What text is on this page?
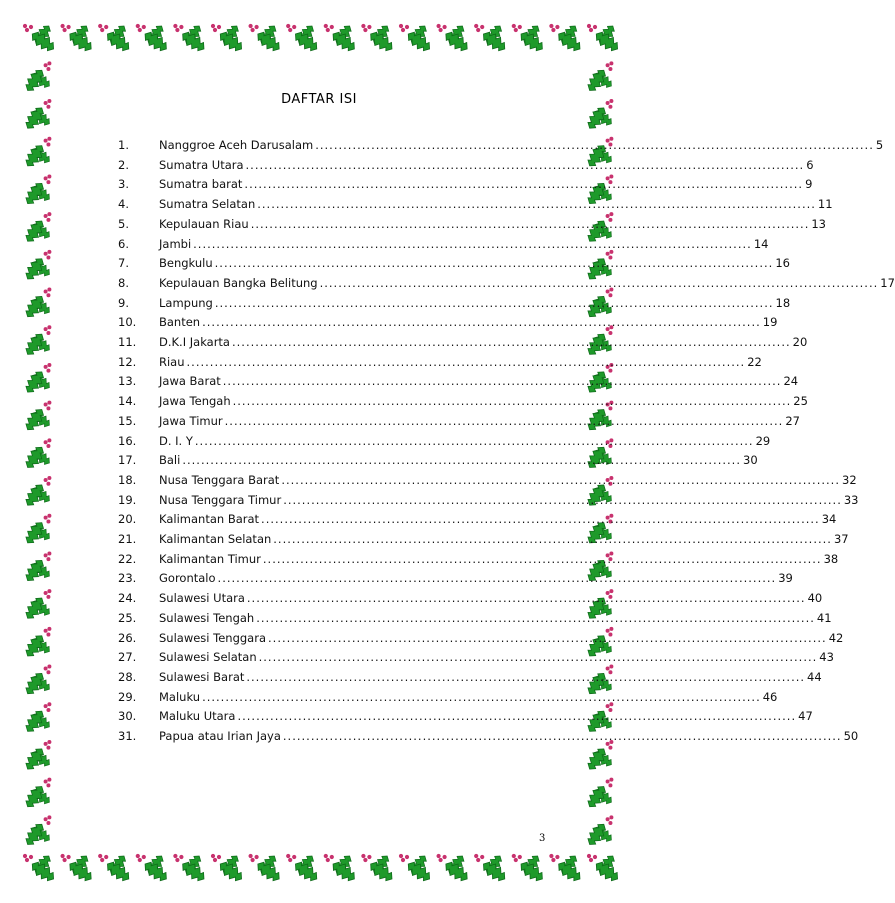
DAFTAR ISI
1.	Nanggroe Aceh Darusalam ........................................................................................................................ 5
2.	Sumatra Utara ........................................................................................................................ 6
3.	Sumatra barat ........................................................................................................................ 9
4.	Sumatra Selatan ........................................................................................................................ 11
5.	Kepulauan Riau ........................................................................................................................ 13
6.	Jambi ........................................................................................................................ 14
7.	Bengkulu ........................................................................................................................ 16
8.	Kepulauan Bangka Belitung ........................................................................................................................ 17
9.	Lampung ........................................................................................................................ 18
10. Banten ........................................................................................................................ 19
11. D.K.I Jakarta ........................................................................................................................ 20
12. Riau ........................................................................................................................ 22
13. Jawa Barat ........................................................................................................................ 24
14. Jawa Tengah ........................................................................................................................ 25
15. Jawa Timur ........................................................................................................................ 27
16. D. I. Y ........................................................................................................................ 29
17. Bali ........................................................................................................................ 30
18. Nusa Tenggara Barat ........................................................................................................................ 32
19. Nusa Tenggara Timur ........................................................................................................................ 33
20. Kalimantan Barat ........................................................................................................................ 34
21. Kalimantan Selatan ........................................................................................................................ 37
22. Kalimantan Timur ........................................................................................................................ 38
23. Gorontalo ........................................................................................................................ 39
24. Sulawesi Utara ........................................................................................................................ 40
25. Sulawesi Tengah ........................................................................................................................ 41
26. Sulawesi Tenggara ........................................................................................................................ 42
27. Sulawesi Selatan ........................................................................................................................ 43
28. Sulawesi Barat ........................................................................................................................ 44
29. Maluku ........................................................................................................................ 46
30. Maluku Utara ........................................................................................................................ 47
31. Papua atau Irian Jaya ........................................................................................................................ 50
3
